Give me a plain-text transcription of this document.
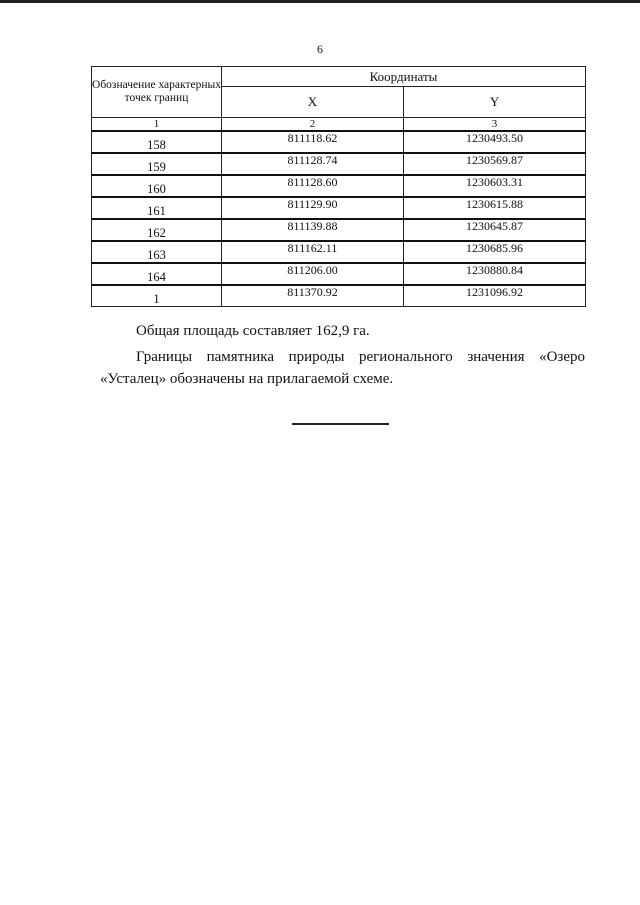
6
Обозначение характерных точек границ	Координаты	
	X	Y
1	2	3
158	811118.62	1230493.50
159	811128.74	1230569.87
160	811128.60	1230603.31
161	811129.90	1230615.88
162	811139.88	1230645.87
163	811162.11	1230685.96
164	811206.00	1230880.84
1	811370.92	1231096.92
Общая площадь составляет 162,9 га.
Границы памятника природы регионального значения «Озеро
«Усталец» обозначены на прилагаемой схеме.
